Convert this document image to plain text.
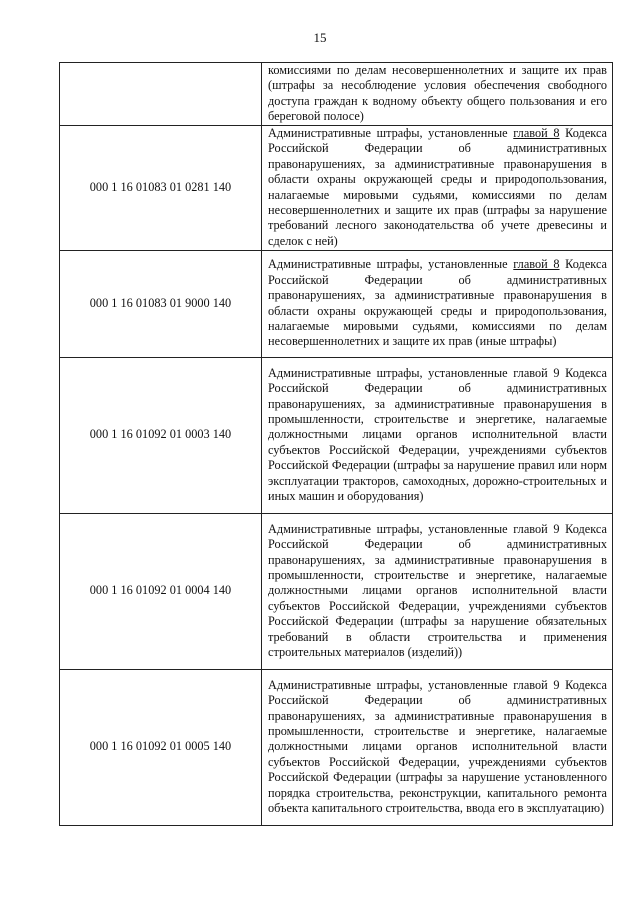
15
	комиссиями по делам несовершеннолетних и защите их прав (штрафы за несоблюдение условия обеспечения свободного доступа граждан к водному объекту общего пользования и его береговой полосе)
000 1 16 01083 01 0281 140	Административные штрафы, установленные главой 8 Кодекса Российской Федерации об административных правонарушениях, за административные правонарушения в области охраны окружающей среды и природопользования, налагаемые мировыми судьями, комиссиями по делам несовершеннолетних и защите их прав (штрафы за нарушение требований лесного законодательства об учете древесины и сделок с ней)
000 1 16 01083 01 9000 140	Административные штрафы, установленные главой 8 Кодекса Российской Федерации об административных правонарушениях, за административные правонарушения в области охраны окружающей среды и природопользования, налагаемые мировыми судьями, комиссиями по делам несовершеннолетних и защите их прав (иные штрафы)
000 1 16 01092 01 0003 140	Административные штрафы, установленные главой 9 Кодекса Российской Федерации об административных правонарушениях, за административные правонарушения в промышленности, строительстве и энергетике, налагаемые должностными лицами органов исполнительной власти субъектов Российской Федерации, учреждениями субъектов Российской Федерации (штрафы за нарушение правил или норм эксплуатации тракторов, самоходных, дорожно-строительных и иных машин и оборудования)
000 1 16 01092 01 0004 140	Административные штрафы, установленные главой 9 Кодекса Российской Федерации об административных правонарушениях, за административные правонарушения в промышленности, строительстве и энергетике, налагаемые должностными лицами органов исполнительной власти субъектов Российской Федерации, учреждениями субъектов Российской Федерации (штрафы за нарушение обязательных требований в области строительства и применения строительных материалов (изделий))
000 1 16 01092 01 0005 140	Административные штрафы, установленные главой 9 Кодекса Российской Федерации об административных правонарушениях, за административные правонарушения в промышленности, строительстве и энергетике, налагаемые должностными лицами органов исполнительной власти субъектов Российской Федерации, учреждениями субъектов Российской Федерации (штрафы за нарушение установленного порядка строительства, реконструкции, капитального ремонта объекта капитального строительства, ввода его в эксплуатацию)
